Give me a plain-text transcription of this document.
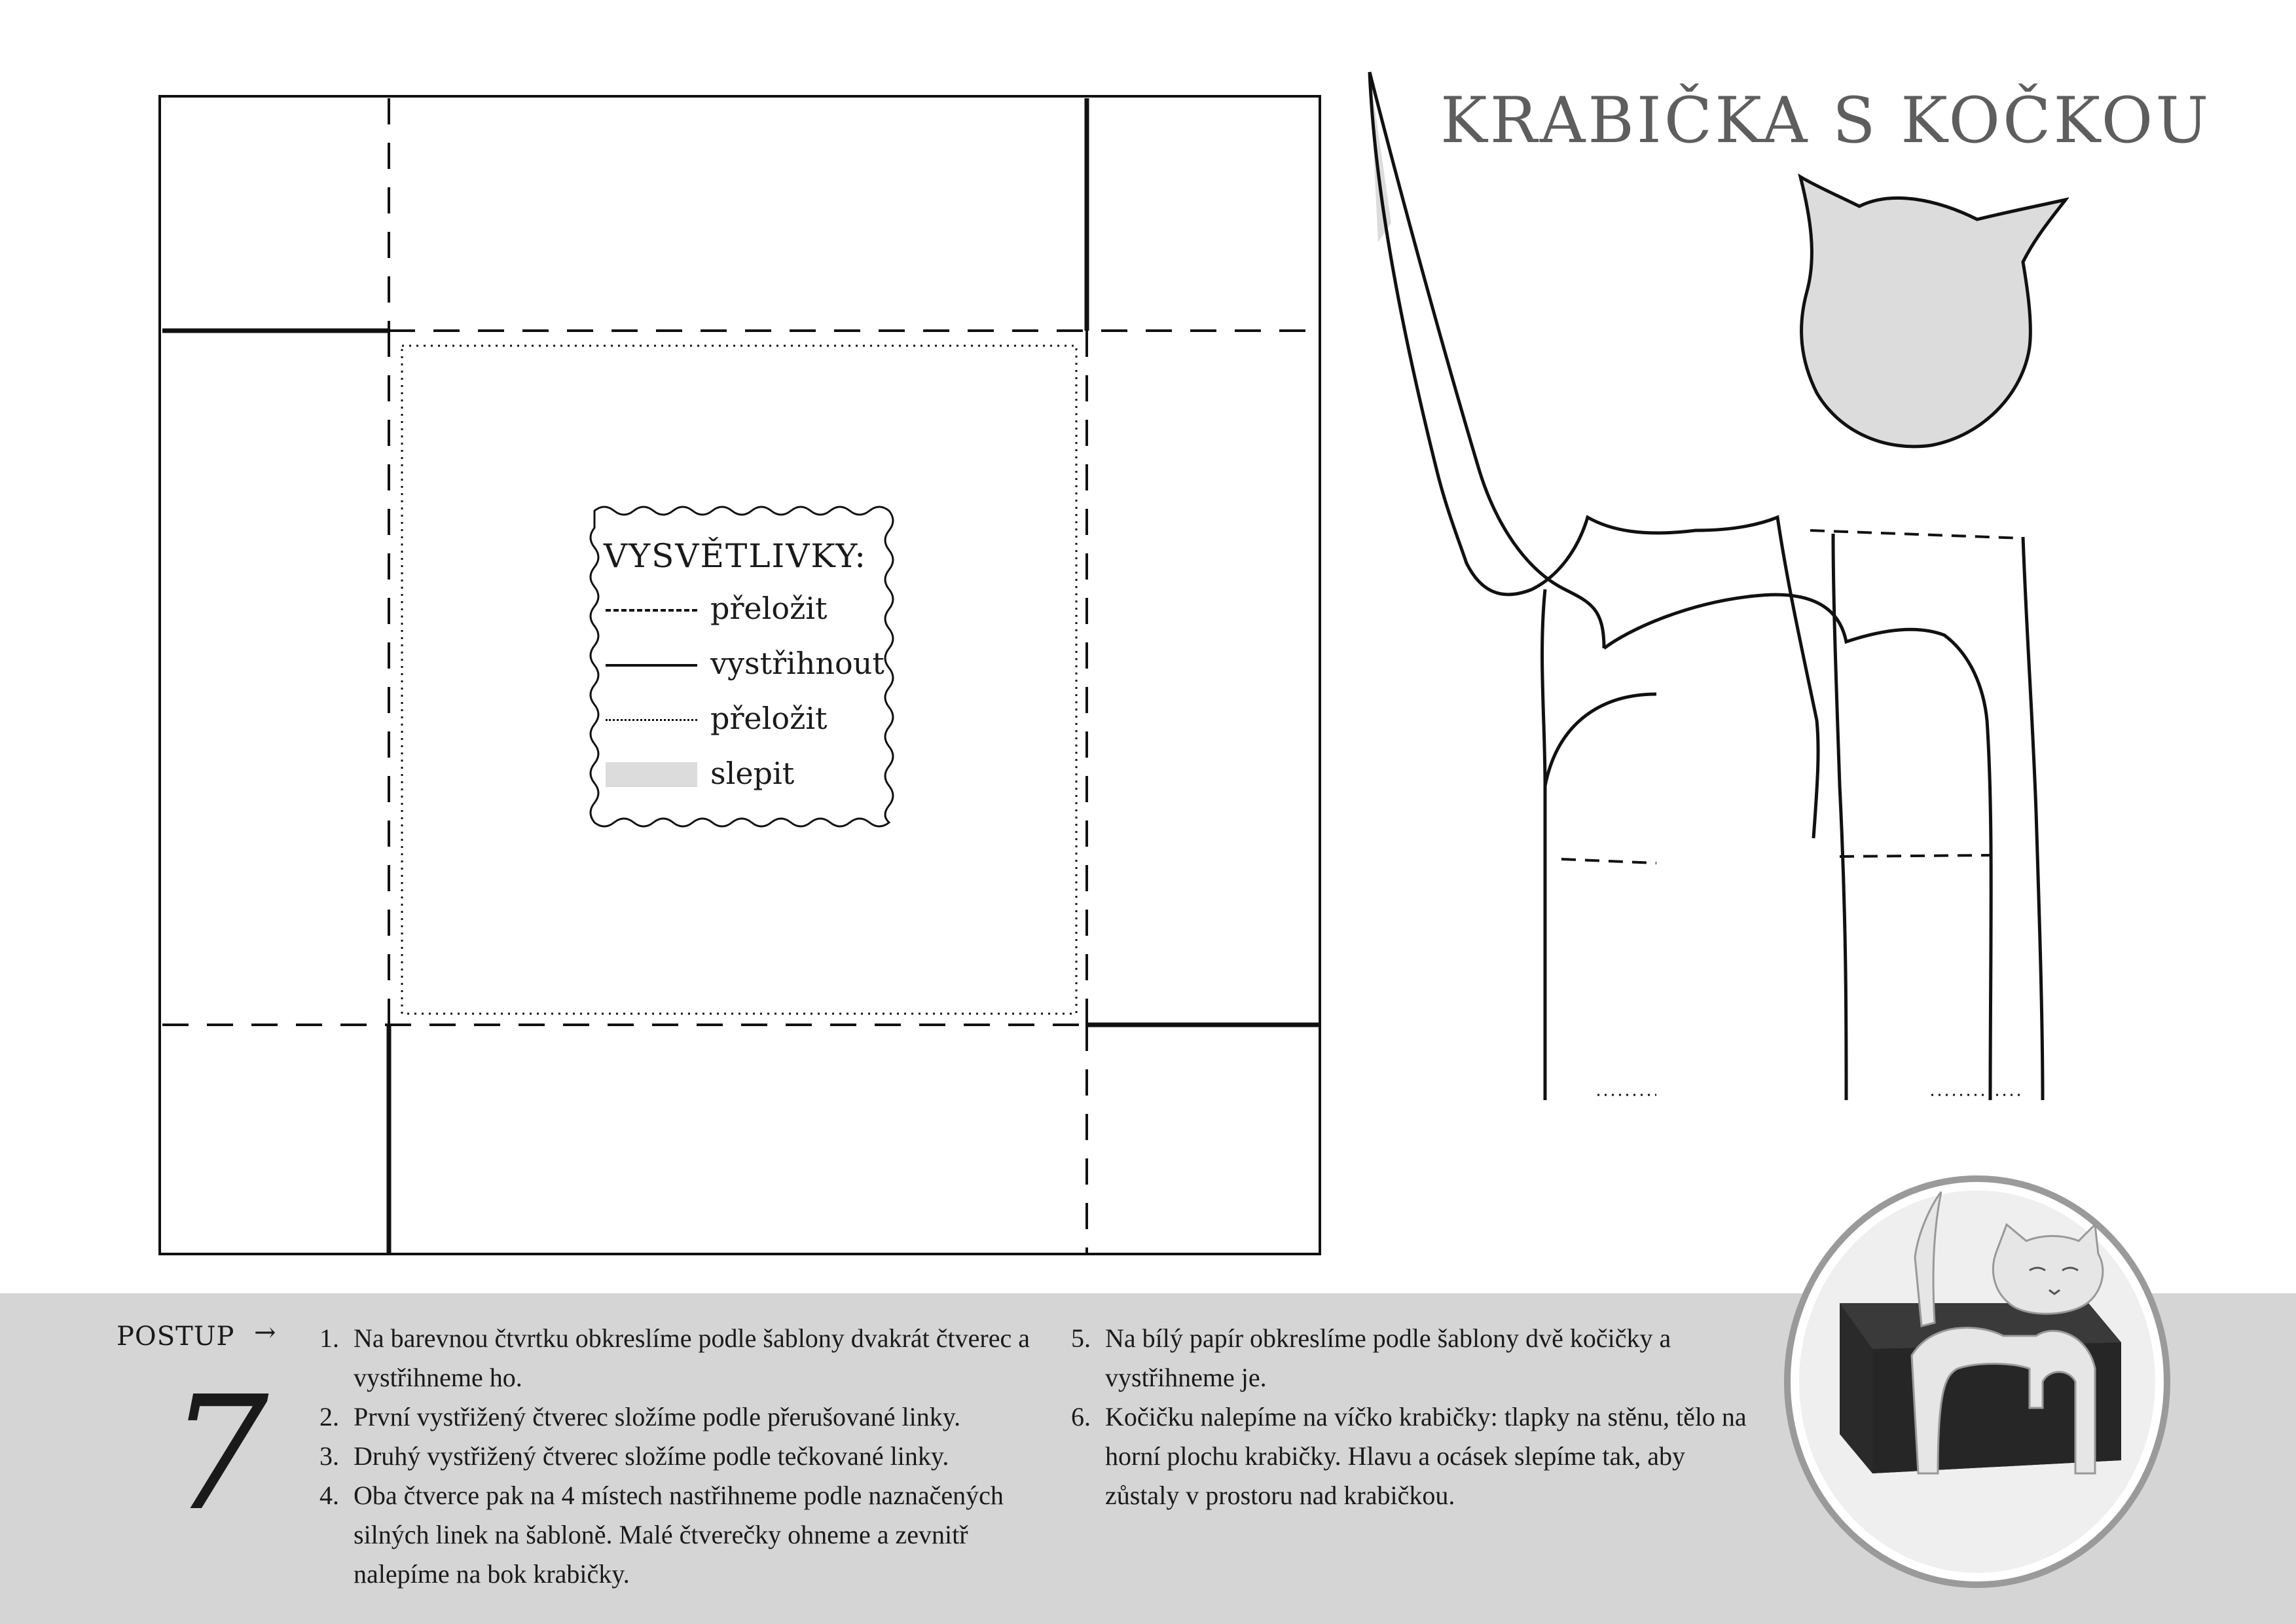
VYSVĚTLIVKY:
přeložit
vystřihnout
přeložit
slepit
KRABIČKA S KOČKOU
POSTUP →
7
1. Na barevnou čtvrtku obkreslíme podle šablony dvakrát čtverec a vystřihneme ho.
2. První vystřižený čtverec složíme podle přerušované linky.
3. Druhý vystřižený čtverec složíme podle tečkované linky.
4. Oba čtverce pak na 4 místech nastřihneme podle naznačených silných linek na šabloně. Malé čtverečky ohneme a zevnitř nalepíme na bok krabičky.
5. Na bílý papír obkreslíme podle šablony dvě kočičky a vystřihneme je.
6. Kočičku nalepíme na víčko krabičky: tlapky na stěnu, tělo na horní plochu krabičky. Hlavu a ocásek slepíme tak, aby zůstaly v prostoru nad krabičkou.
